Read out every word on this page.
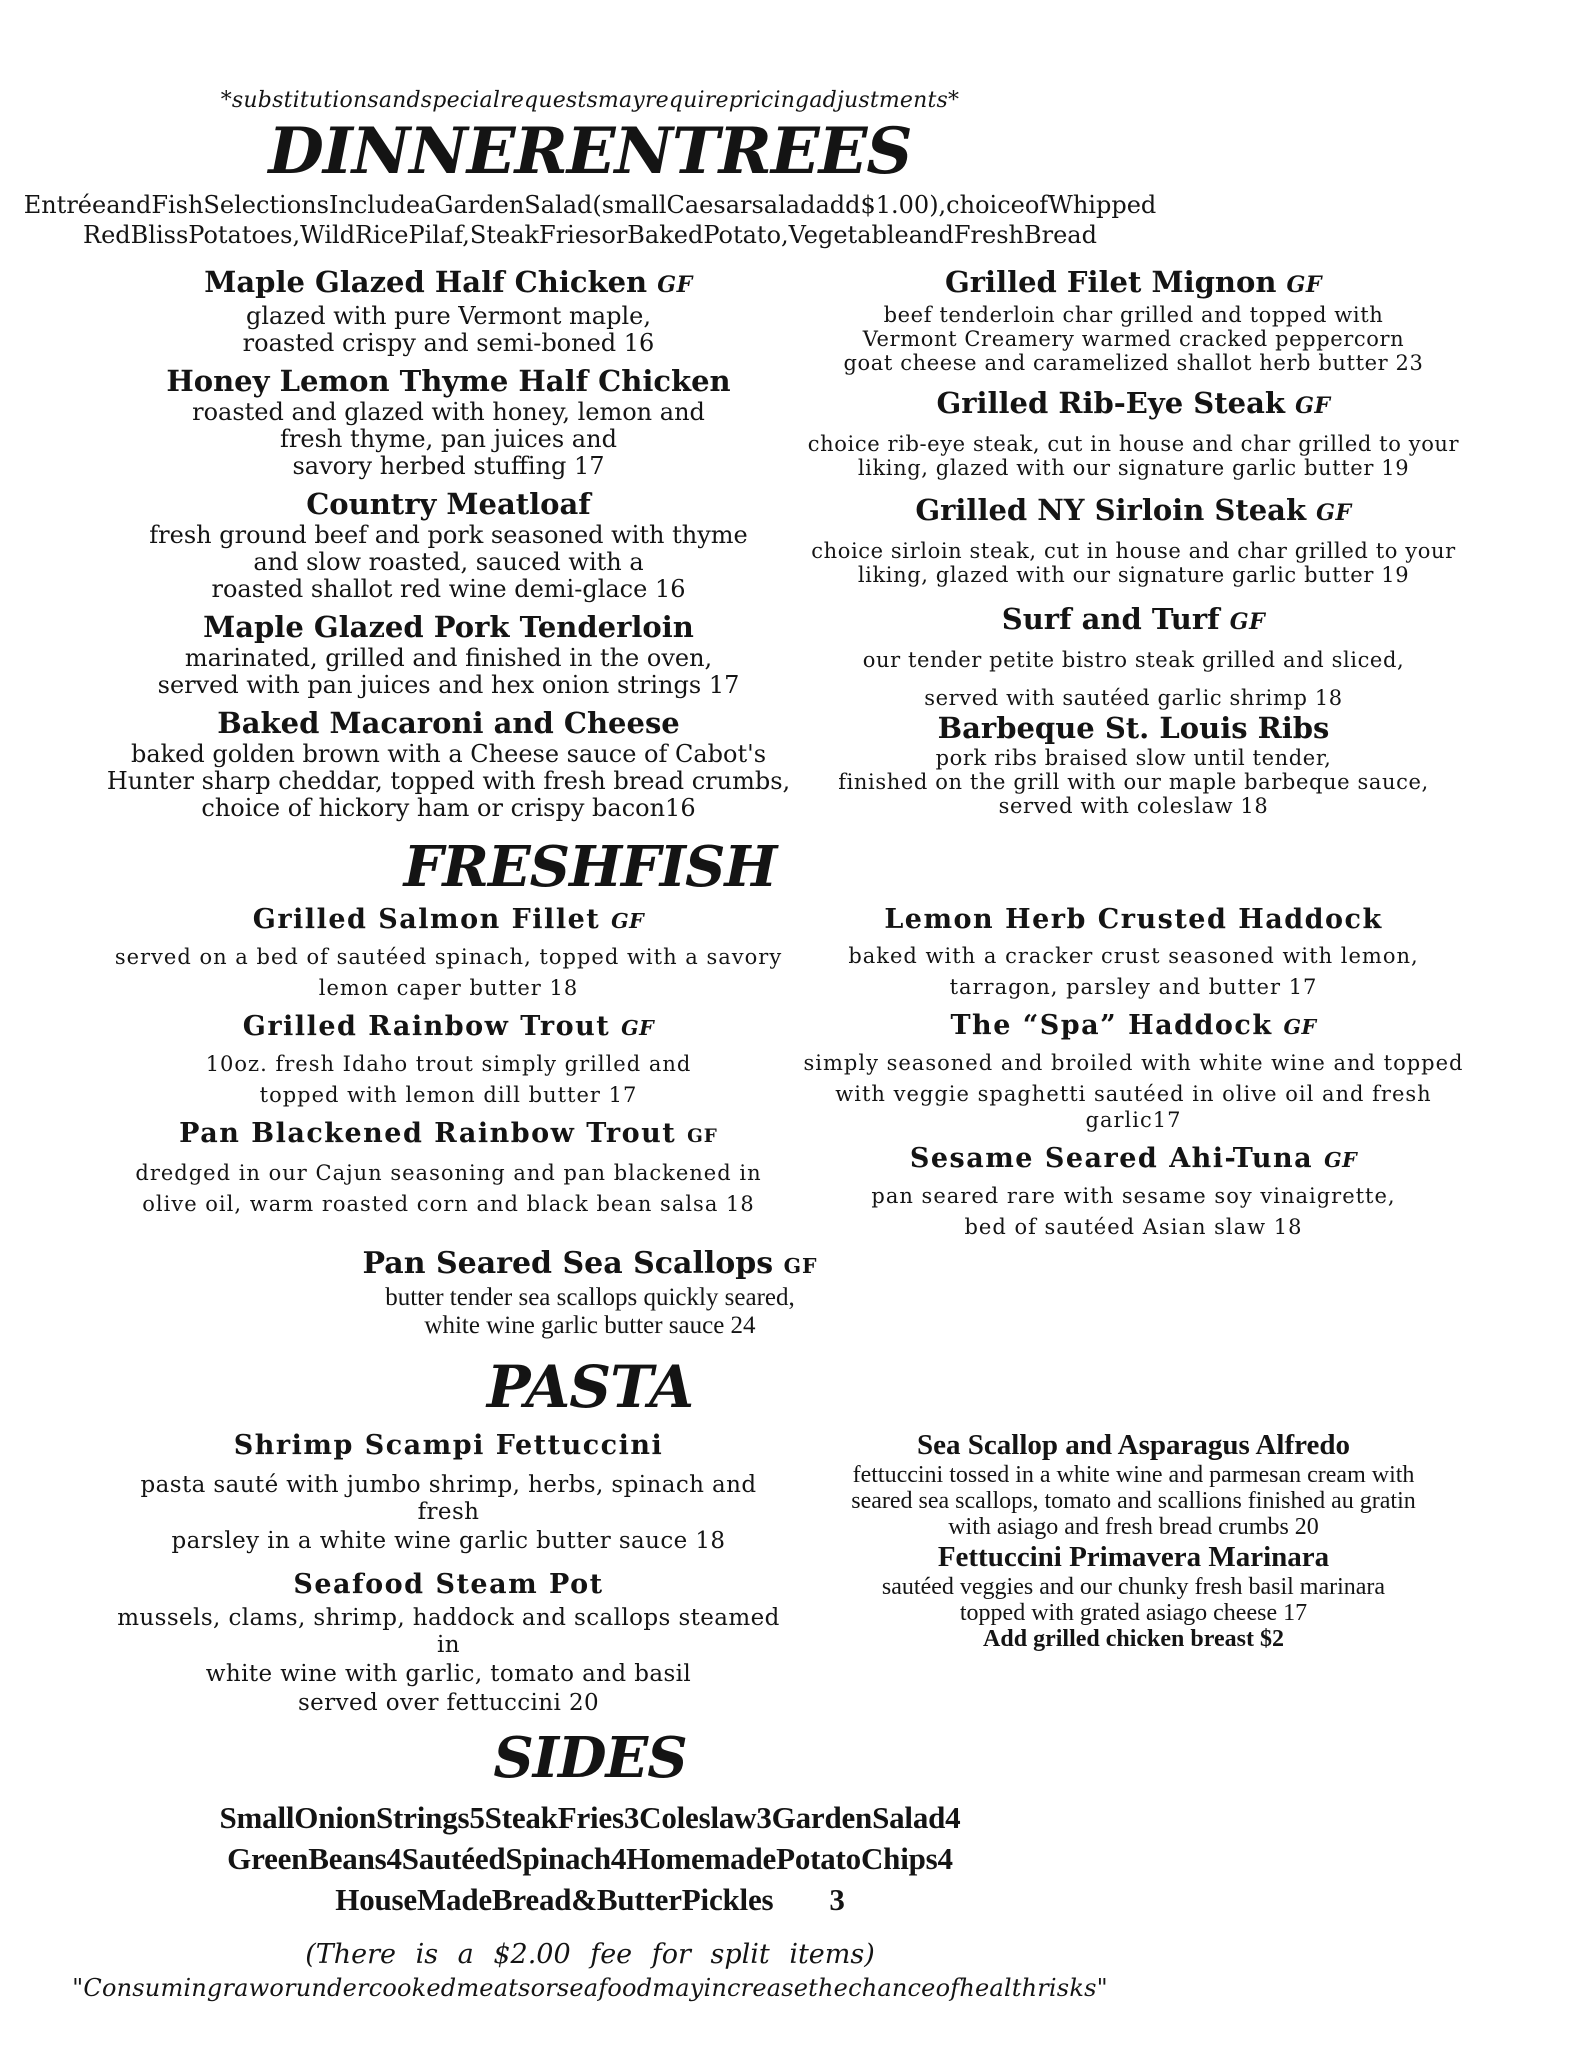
*substitutionsandspecialrequestsmayrequirepricingadjustments*
DINNERENTREES
EntréeandFishSelectionsIncludeaGardenSalad(smallCaesarsaladadd$1.00),choiceofWhipped
RedBlissPotatoes,WildRicePilaf,SteakFriesorBakedPotato,VegetableandFreshBread
Maple Glazed Half Chicken GF
glazed with pure Vermont maple,
roasted crispy and semi-boned 16
Honey Lemon Thyme Half Chicken
roasted and glazed with honey, lemon and
fresh thyme, pan juices and
savory herbed stuffing 17
Country Meatloaf
fresh ground beef and pork seasoned with thyme
and slow roasted, sauced with a
roasted shallot red wine demi-glace 16
Maple Glazed Pork Tenderloin
marinated, grilled and finished in the oven,
served with pan juices and hex onion strings 17
Baked Macaroni and Cheese
baked golden brown with a Cheese sauce of Cabot's
Hunter sharp cheddar, topped with fresh bread crumbs,
choice of hickory ham or crispy bacon16
Grilled Filet Mignon GF
beef tenderloin char grilled and topped with
Vermont Creamery warmed cracked peppercorn
goat cheese and caramelized shallot herb butter 23
Grilled Rib-Eye Steak GF
choice rib-eye steak, cut in house and char grilled to your
liking, glazed with our signature garlic butter 19
Grilled NY Sirloin Steak GF
choice sirloin steak, cut in house and char grilled to your
liking, glazed with our signature garlic butter 19
Surf and Turf GF
our tender petite bistro steak grilled and sliced,
served with sautéed garlic shrimp 18
Barbeque St. Louis Ribs
pork ribs braised slow until tender,
finished on the grill with our maple barbeque sauce,
served with coleslaw 18
FRESHFISH
Grilled Salmon Fillet GF
served on a bed of sautéed spinach, topped with a savory
lemon caper butter 18
Grilled Rainbow Trout GF
10oz. fresh Idaho trout simply grilled and
topped with lemon dill butter 17
Pan Blackened Rainbow Trout GF
dredged in our Cajun seasoning and pan blackened in
olive oil, warm roasted corn and black bean salsa 18
Lemon Herb Crusted Haddock
baked with a cracker crust seasoned with lemon,
tarragon, parsley and butter 17
The “Spa” Haddock GF
simply seasoned and broiled with white wine and topped
with veggie spaghetti sautéed in olive oil and fresh garlic17
Sesame Seared Ahi-Tuna GF
pan seared rare with sesame soy vinaigrette,
bed of sautéed Asian slaw 18
Pan Seared Sea Scallops GF
butter tender sea scallops quickly seared,
white wine garlic butter sauce 24
PASTA
Shrimp Scampi Fettuccini
pasta sauté with jumbo shrimp, herbs, spinach and fresh
parsley in a white wine garlic butter sauce 18
Seafood Steam Pot
mussels, clams, shrimp, haddock and scallops steamed in
white wine with garlic, tomato and basil
served over fettuccini 20
Sea Scallop and Asparagus Alfredo
fettuccini tossed in a white wine and parmesan cream with
seared sea scallops, tomato and scallions finished au gratin
with asiago and fresh bread crumbs 20
Fettuccini Primavera Marinara
sautéed veggies and our chunky fresh basil marinara
topped with grated asiago cheese 17
Add grilled chicken breast $2
SIDES
SmallOnionStrings5SteakFries3Coleslaw3GardenSalad4
GreenBeans4SautéedSpinach4HomemadePotatoChips4
HouseMadeBread&ButterPickles 3
(There is a $2.00 fee for split items)
"Consumingraworundercookedmeatsorseafoodmayincreasethechanceofhealthrisks"
